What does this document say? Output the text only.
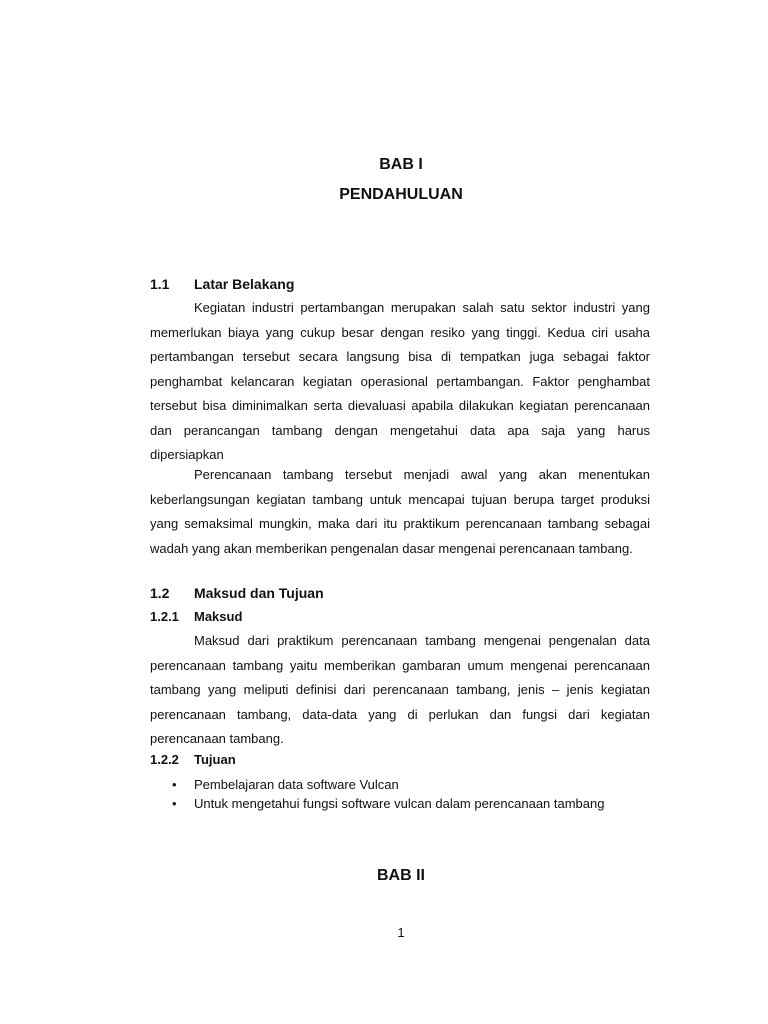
BAB I
PENDAHULUAN
1.1 Latar Belakang

Kegiatan industri pertambangan merupakan salah satu sektor industri yang memerlukan biaya yang cukup besar dengan resiko yang tinggi. Kedua ciri usaha pertambangan tersebut secara langsung bisa di tempatkan juga sebagai faktor penghambat kelancaran kegiatan operasional pertambangan. Faktor penghambat tersebut bisa diminimalkan serta dievaluasi apabila dilakukan kegiatan perencanaan dan perancangan tambang dengan mengetahui data apa saja yang harus dipersiapkan

Perencanaan tambang tersebut menjadi awal yang akan menentukan keberlangsungan kegiatan tambang untuk mencapai tujuan berupa target produksi yang semaksimal mungkin, maka dari itu praktikum perencanaan tambang sebagai wadah yang akan memberikan pengenalan dasar mengenai perencanaan tambang.

1.2 Maksud dan Tujuan
1.2.1 Maksud

Maksud dari praktikum perencanaan tambang mengenai pengenalan data perencanaan tambang yaitu memberikan gambaran umum mengenai perencanaan tambang yang meliputi definisi dari perencanaan tambang, jenis – jenis kegiatan perencanaan tambang, data-data yang di perlukan dan fungsi dari kegiatan perencanaan tambang.

1.2.2 Tujuan
• Pembelajaran data software Vulcan
• Untuk mengetahui fungsi software vulcan dalam perencanaan tambang
BAB II
1
